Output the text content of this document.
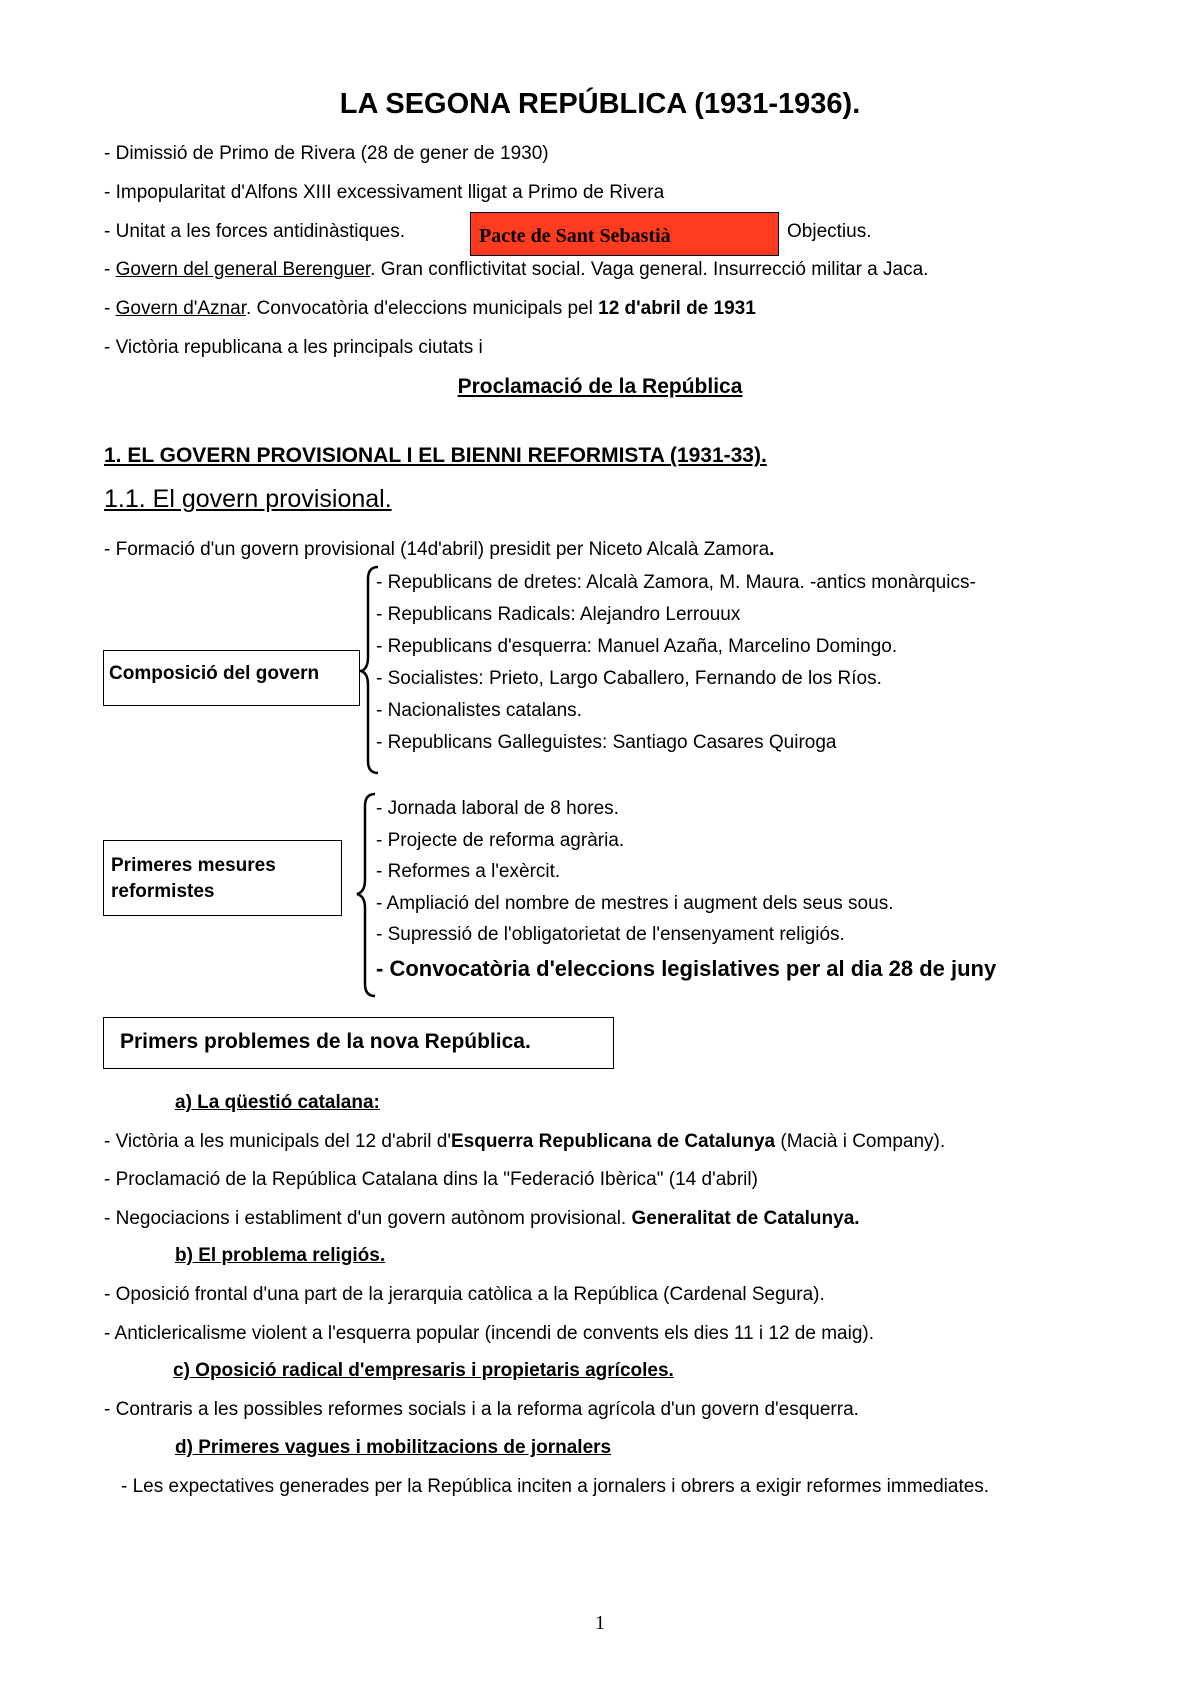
LA SEGONA REPÚBLICA (1931-1936).
- Dimissió de Primo de Rivera (28 de gener de 1930)
- Impopularitat d'Alfons XIII excessivament lligat a Primo de Rivera
- Unitat a les forces antidinàstiques.	Pacte de Sant Sebastià	Objectius.
- Govern del general Berenguer. Gran conflictivitat social. Vaga general. Insurrecció militar a Jaca.
- Govern d'Aznar. Convocatòria d'eleccions municipals pel 12 d'abril de 1931
- Victòria republicana a les principals ciutats i
Proclamació de la República
1. EL GOVERN PROVISIONAL I EL BIENNI REFORMISTA (1931-33).
1.1. El govern provisional.
- Formació d'un govern provisional (14d'abril) presidit per Niceto Alcalà Zamora.
Composició del govern
- Republicans de dretes: Alcalà Zamora, M. Maura. -antics monàrquics-
- Republicans Radicals: Alejandro Lerrouux
- Republicans d'esquerra: Manuel Azaña, Marcelino Domingo.
- Socialistes: Prieto, Largo Caballero, Fernando de los Ríos.
- Nacionalistes catalans.
- Republicans Galleguistes: Santiago Casares Quiroga
Primeres mesures
reformistes
- Jornada laboral de 8 hores.
- Projecte de reforma agrària.
- Reformes a l'exèrcit.
- Ampliació del nombre de mestres i augment dels seus sous.
- Supressió de l'obligatorietat de l'ensenyament religiós.
- Convocatòria d'eleccions legislatives per al dia 28 de juny
Primers problemes de la nova República.
a) La qüestió catalana:
- Victòria a les municipals del 12 d'abril d'Esquerra Republicana de Catalunya (Macià i Company).
- Proclamació de la República Catalana dins la "Federació Ibèrica" (14 d'abril)
- Negociacions i establiment d'un govern autònom provisional. Generalitat de Catalunya.
b) El problema religiós.
- Oposició frontal d'una part de la jerarquia catòlica a la República (Cardenal Segura).
- Anticlericalisme violent a l'esquerra popular (incendi de convents els dies 11 i 12 de maig).
c) Oposició radical d'empresaris i propietaris agrícoles.
- Contraris a les possibles reformes socials i a la reforma agrícola d'un govern d'esquerra.
d) Primeres vagues i mobilitzacions de jornalers
- Les expectatives generades per la República inciten a jornalers i obrers a exigir reformes immediates.
1
